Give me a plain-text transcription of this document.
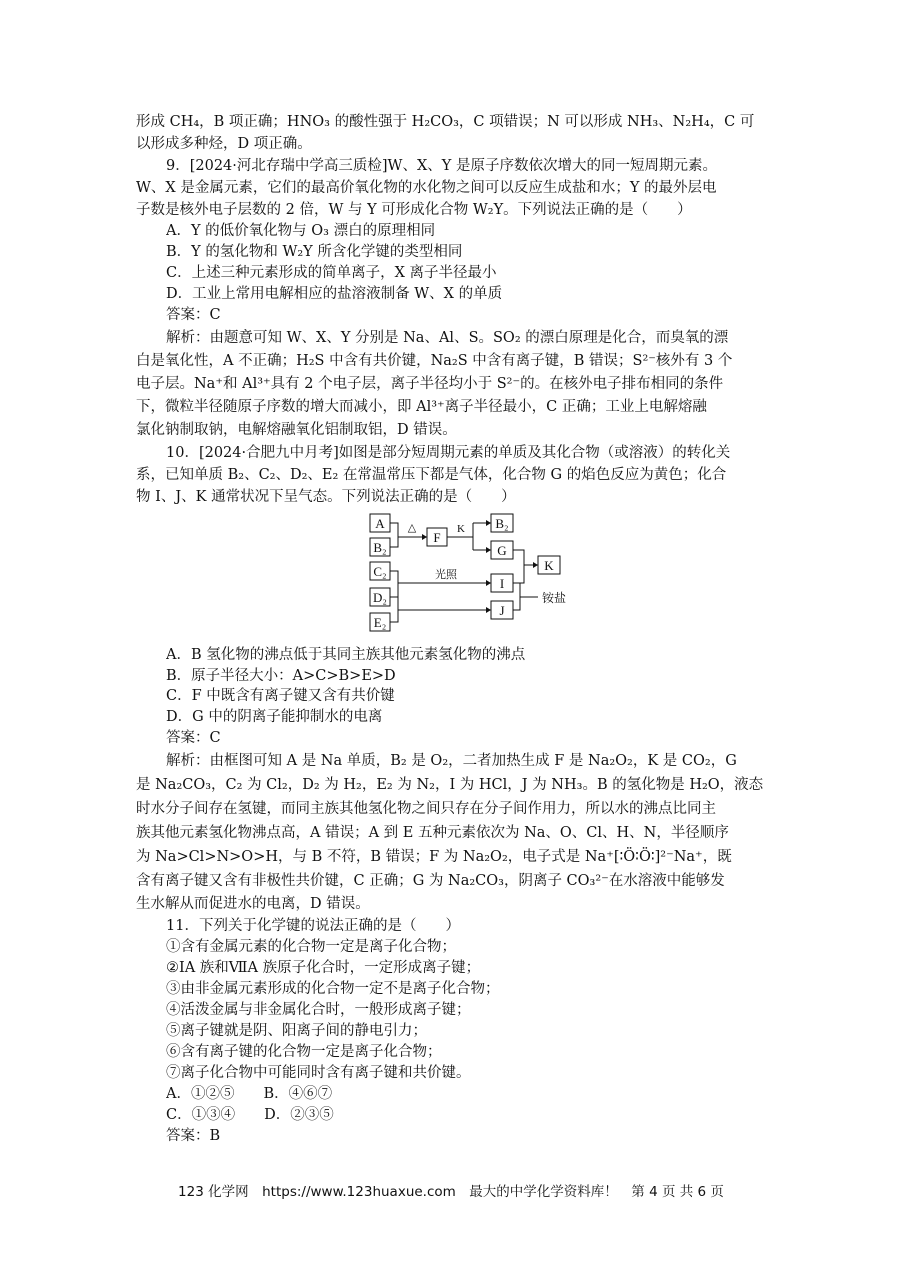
形成 CH₄，B 项正确；HNO₃ 的酸性强于 H₂CO₃，C 项错误；N 可以形成 NH₃、N₂H₄，C 可
以形成多种烃，D 项正确。
9．[2024·河北存瑞中学高三质检]W、X、Y 是原子序数依次增大的同一短周期元素。
W、X 是金属元素，它们的最高价氧化物的水化物之间可以反应生成盐和水；Y 的最外层电
子数是核外电子层数的 2 倍，W 与 Y 可形成化合物 W₂Y。下列说法正确的是（　　）
A．Y 的低价氧化物与 O₃ 漂白的原理相同
B．Y 的氢化物和 W₂Y 所含化学键的类型相同
C．上述三种元素形成的简单离子，X 离子半径最小
D．工业上常用电解相应的盐溶液制备 W、X 的单质
答案：C
解析：由题意可知 W、X、Y 分别是 Na、Al、S。SO₂ 的漂白原理是化合，而臭氧的漂
白是氧化性，A 不正确；H₂S 中含有共价键，Na₂S 中含有离子键，B 错误；S²⁻核外有 3 个
电子层。Na⁺和 Al³⁺具有 2 个电子层，离子半径均小于 S²⁻的。在核外电子排布相同的条件
下，微粒半径随原子序数的增大而减小，即 Al³⁺离子半径最小，C 正确；工业上电解熔融
氯化钠制取钠，电解熔融氧化铝制取铝，D 错误。
10．[2024·合肥九中月考]如图是部分短周期元素的单质及其化合物（或溶液）的转化关
系，已知单质 B₂、C₂、D₂、E₂ 在常温常压下都是气体，化合物 G 的焰色反应为黄色；化合
物 I、J、K 通常状况下呈气态。下列说法正确的是（　　）
A
B₂
C₂
D₂
E₂
F
B₂
G
I
J
K
△	K
光照
铵盐
A．B 氢化物的沸点低于其同主族其他元素氢化物的沸点
B．原子半径大小：A>C>B>E>D
C．F 中既含有离子键又含有共价键
D．G 中的阴离子能抑制水的电离
答案：C
解析：由框图可知 A 是 Na 单质，B₂ 是 O₂，二者加热生成 F 是 Na₂O₂，K 是 CO₂，G
是 Na₂CO₃，C₂ 为 Cl₂，D₂ 为 H₂，E₂ 为 N₂，I 为 HCl，J 为 NH₃。B 的氢化物是 H₂O，液态
时水分子间存在氢键，而同主族其他氢化物之间只存在分子间作用力，所以水的沸点比同主
族其他元素氢化物沸点高，A 错误；A 到 E 五种元素依次为 Na、O、Cl、H、N，半径顺序
为 Na>Cl>N>O>H，与 B 不符，B 错误；F 为 Na₂O₂，电子式是 Na⁺[∶Ö∶Ö∶]²⁻Na⁺，既
含有离子键又含有非极性共价键，C 正确；G 为 Na₂CO₃，阴离子 CO₃²⁻在水溶液中能够发
生水解从而促进水的电离，D 错误。
11．下列关于化学键的说法正确的是（　　）
①含有金属元素的化合物一定是离子化合物；
②ⅠA 族和ⅦA 族原子化合时，一定形成离子键；
③由非金属元素形成的化合物一定不是离子化合物；
④活泼金属与非金属化合时，一般形成离子键；
⑤离子键就是阴、阳离子间的静电引力；
⑥含有离子键的化合物一定是离子化合物；
⑦离子化合物中可能同时含有离子键和共价键。
A．①②⑤　　B．④⑥⑦
C．①③④　　D．②③⑤
答案：B
123 化学网　https://www.123huaxue.com　最大的中学化学资料库！　第 4 页 共 6 页
